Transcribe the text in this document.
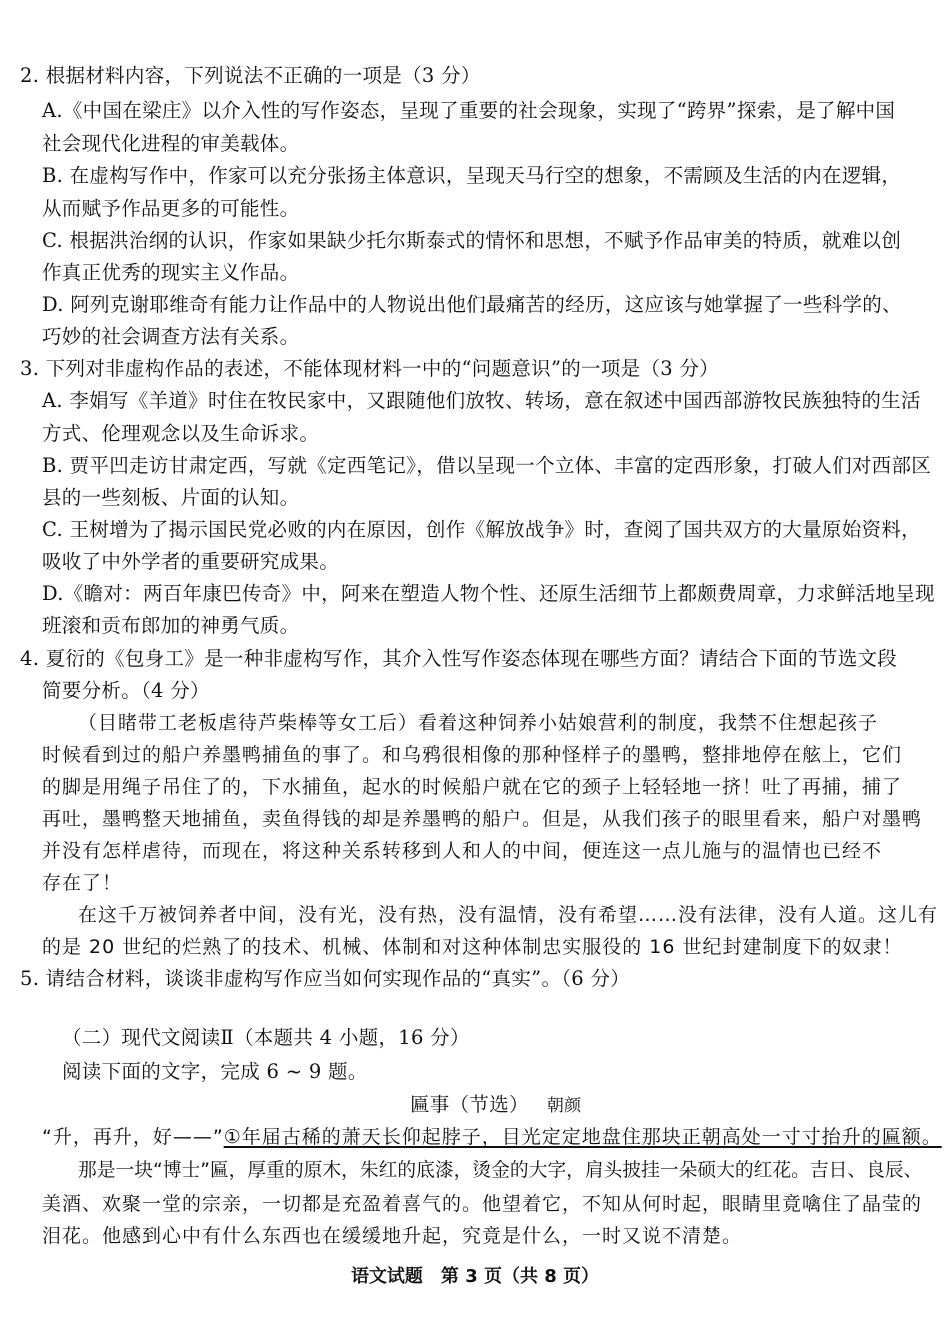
2. 根据材料内容，下列说法不正确的一项是（3 分）
A.《中国在梁庄》以介入性的写作姿态，呈现了重要的社会现象，实现了“跨界”探索，是了解中国
社会现代化进程的审美载体。
B. 在虚构写作中，作家可以充分张扬主体意识，呈现天马行空的想象，不需顾及生活的内在逻辑，
从而赋予作品更多的可能性。
C. 根据洪治纲的认识，作家如果缺少托尔斯泰式的情怀和思想，不赋予作品审美的特质，就难以创
作真正优秀的现实主义作品。
D. 阿列克谢耶维奇有能力让作品中的人物说出他们最痛苦的经历，这应该与她掌握了一些科学的、
巧妙的社会调查方法有关系。
3. 下列对非虚构作品的表述，不能体现材料一中的“问题意识”的一项是（3 分）
A. 李娟写《羊道》时住在牧民家中，又跟随他们放牧、转场，意在叙述中国西部游牧民族独特的生活
方式、伦理观念以及生命诉求。
B. 贾平凹走访甘肃定西，写就《定西笔记》，借以呈现一个立体、丰富的定西形象，打破人们对西部区
县的一些刻板、片面的认知。
C. 王树增为了揭示国民党必败的内在原因，创作《解放战争》时，查阅了国共双方的大量原始资料，
吸收了中外学者的重要研究成果。
D.《瞻对：两百年康巴传奇》中，阿来在塑造人物个性、还原生活细节上都颇费周章，力求鲜活地呈现
班滚和贡布郎加的神勇气质。
4. 夏衍的《包身工》是一种非虚构写作，其介入性写作姿态体现在哪些方面？请结合下面的节选文段
简要分析。（4 分）
（目睹带工老板虐待芦柴棒等女工后）看着这种饲养小姑娘营利的制度，我禁不住想起孩子
时候看到过的船户养墨鸭捕鱼的事了。和乌鸦很相像的那种怪样子的墨鸭，整排地停在舷上，它们
的脚是用绳子吊住了的，下水捕鱼，起水的时候船户就在它的颈子上轻轻地一挤！吐了再捕，捕了
再吐，墨鸭整天地捕鱼，卖鱼得钱的却是养墨鸭的船户。但是，从我们孩子的眼里看来，船户对墨鸭
并没有怎样虐待，而现在，将这种关系转移到人和人的中间，便连这一点儿施与的温情也已经不
存在了！
在这千万被饲养者中间，没有光，没有热，没有温情，没有希望……没有法律，没有人道。这儿有
的是 20 世纪的烂熟了的技术、机械、体制和对这种体制忠实服役的 16 世纪封建制度下的奴隶！
5. 请结合材料，谈谈非虚构写作应当如何实现作品的“真实”。（6 分）
（二）现代文阅读Ⅱ（本题共 4 小题，16 分）
阅读下面的文字，完成 6 ~ 9 题。
匾事（节选） 朝颜
“升，再升，好——”①年届古稀的萧天长仰起脖子，目光定定地盘住那块正朝高处一寸寸抬升的匾额。
那是一块“博士”匾，厚重的原木，朱红的底漆，烫金的大字，肩头披挂一朵硕大的红花。吉日、良辰、
美酒、欢聚一堂的宗亲，一切都是充盈着喜气的。他望着它，不知从何时起，眼睛里竟噙住了晶莹的
泪花。他感到心中有什么东西也在缓缓地升起，究竟是什么，一时又说不清楚。
语文试题　第 3 页（共 8 页）
